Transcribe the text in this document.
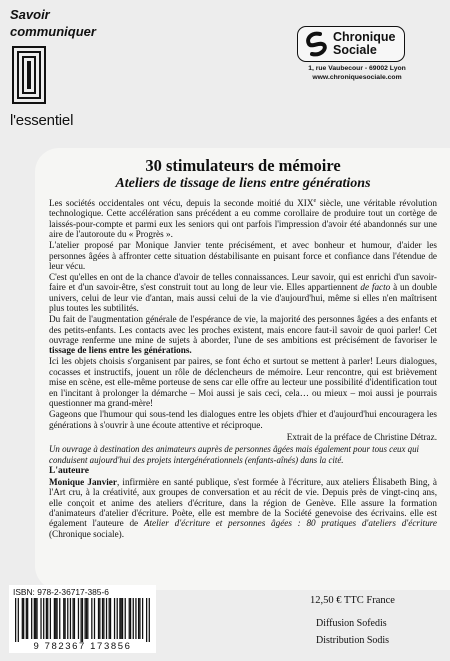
Savoir
communiquer
l'essentiel
Chronique
Sociale
1, rue Vaubecour - 69002 Lyon
www.chroniquesociale.com
30 stimulateurs de mémoire
Ateliers de tissage de liens entre générations

Les sociétés occidentales ont vécu, depuis la seconde moitié du XIXe siècle, une véritable révolution technologique. Cette accélération sans précédent a eu comme corollaire de produire tout un cortège de laissés-pour-compte et parmi eux les seniors qui ont parfois l'impression d'avoir été abandonnés sur une aire de l'autoroute du « Progrès ».

L'atelier proposé par Monique Janvier tente précisément, et avec bonheur et humour, d'aider les personnes âgées à affronter cette situation déstabilisante en puisant force et confiance dans l'étendue de leur vécu.

C'est qu'elles en ont de la chance d'avoir de telles connaissances. Leur savoir, qui est enrichi d'un savoir-faire et d'un savoir-être, s'est construit tout au long de leur vie. Elles appartiennent de facto à un double univers, celui de leur vie d'antan, mais aussi celui de la vie d'aujourd'hui, même si elles n'en maîtrisent plus toutes les subtilités.

Du fait de l'augmentation générale de l'espérance de vie, la majorité des personnes âgées a des enfants et des petits-enfants. Les contacts avec les proches existent, mais encore faut-il savoir de quoi parler! Cet ouvrage renferme une mine de sujets à aborder, l'une de ses ambitions est précisément de favoriser le tissage de liens entre les générations.

Ici les objets choisis s'organisent par paires, se font écho et surtout se mettent à parler! Leurs dialogues, cocasses et instructifs, jouent un rôle de déclencheurs de mémoire. Leur rencontre, qui est brièvement mise en scène, est elle-même porteuse de sens car elle offre au lecteur une possibilité d'identification tout en l'incitant à prolonger la démarche – Moi aussi je sais ceci, cela… ou mieux – moi aussi je pourrais questionner ma grand-mère!

Gageons que l'humour qui sous-tend les dialogues entre les objets d'hier et d'aujourd'hui encouragera les générations à s'ouvrir à une écoute attentive et réciproque.

Extrait de la préface de Christine Détraz.

Un ouvrage à destination des animateurs auprès de personnes âgées mais également pour tous ceux qui conduisent aujourd'hui des projets intergénérationnels (enfants-aînés) dans la cité.

L'auteure

Monique Janvier, infirmière en santé publique, s'est formée à l'écriture, aux ateliers Élisabeth Bing, à l'Art cru, à la créativité, aux groupes de conversation et au récit de vie. Depuis près de vingt-cinq ans, elle conçoit et anime des ateliers d'écriture, dans la région de Genève. Elle assure la formation d'animateurs d'atelier d'écriture. Poète, elle est membre de la Société genevoise des écrivains. elle est également l'auteure de Atelier d'écriture et personnes âgées : 80 pratiques d'ateliers d'écriture (Chronique sociale).

ISBN: 978-2-36717-385-6
9 782367 173856
12,50 € TTC France
Diffusion Sofedis
Distribution Sodis
